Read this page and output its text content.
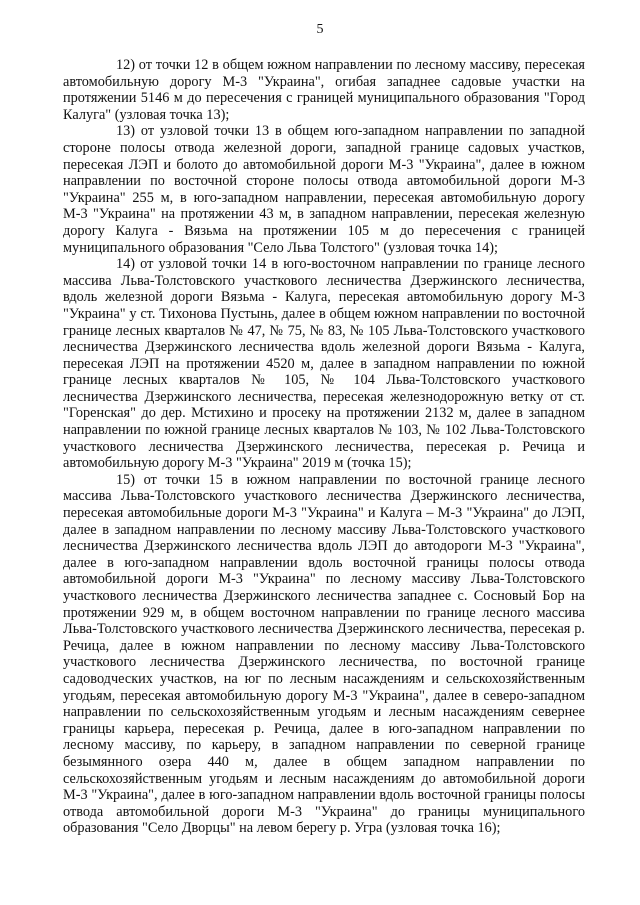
5

12) от точки 12 в общем южном направлении по лесному массиву, пересекая автомобильную дорогу М-3 "Украина", огибая западнее садовые участки на протяжении 5146 м до пересечения с границей муниципального образования "Город Калуга" (узловая точка 13);

13) от узловой точки 13 в общем юго-западном направлении по западной стороне полосы отвода железной дороги, западной границе садовых участков, пересекая ЛЭП и болото до автомобильной дороги М-3 "Украина", далее в южном направлении по восточной стороне полосы отвода автомобильной дороги М-3 "Украина" 255 м, в юго-западном направлении, пересекая автомобильную дорогу М-3 "Украина" на протяжении 43 м, в западном направлении, пересекая железную дорогу Калуга - Вязьма на протяжении 105 м до пересечения с границей муниципального образования "Село Льва Толстого" (узловая точка 14);

14) от узловой точки 14 в юго-восточном направлении по границе лесного массива Льва-Толстовского участкового лесничества Дзержинского лесничества, вдоль железной дороги Вязьма - Калуга, пересекая автомобильную дорогу М-3 "Украина" у ст. Тихонова Пустынь, далее в общем южном направлении по восточной границе лесных кварталов № 47, № 75, № 83, № 105 Льва-Толстовского участкового лесничества Дзержинского лесничества вдоль железной дороги Вязьма - Калуга, пересекая ЛЭП на протяжении 4520 м, далее в западном направлении по южной границе лесных кварталов № 105, № 104 Льва-Толстовского участкового лесничества Дзержинского лесничества, пересекая железнодорожную ветку от ст. "Горенская" до дер. Мстихино и просеку на протяжении 2132 м, далее в западном направлении по южной границе лесных кварталов № 103, № 102 Льва-Толстовского участкового лесничества Дзержинского лесничества, пересекая р. Речица и автомобильную дорогу М-3 "Украина" 2019 м (точка 15);

15) от точки 15 в южном направлении по восточной границе лесного массива Льва-Толстовского участкового лесничества Дзержинского лесничества, пересекая автомобильные дороги М-3 "Украина" и Калуга – М-3 "Украина" до ЛЭП, далее в западном направлении по лесному массиву Льва-Толстовского участкового лесничества Дзержинского лесничества вдоль ЛЭП до автодороги М-3 "Украина", далее в юго-западном направлении вдоль восточной границы полосы отвода автомобильной дороги М-3 "Украина" по лесному массиву Льва-Толстовского участкового лесничества Дзержинского лесничества западнее с. Сосновый Бор на протяжении 929 м, в общем восточном направлении по границе лесного массива Льва-Толстовского участкового лесничества Дзержинского лесничества, пересекая р. Речица, далее в южном направлении по лесному массиву Льва-Толстовского участкового лесничества Дзержинского лесничества, по восточной границе садоводческих участков, на юг по лесным насаждениям и сельскохозяйственным угодьям, пересекая автомобильную дорогу М-3 "Украина", далее в северо-западном направлении по сельскохозяйственным угодьям и лесным насаждениям севернее границы карьера, пересекая р. Речица, далее в юго-западном направлении по лесному массиву, по карьеру, в западном направлении по северной границе безымянного озера 440 м, далее в общем западном направлении по сельскохозяйственным угодьям и лесным насаждениям до автомобильной дороги М-3 "Украина", далее в юго-западном направлении вдоль восточной границы полосы отвода автомобильной дороги М-3 "Украина" до границы муниципального образования "Село Дворцы" на левом берегу р. Угра (узловая точка 16);
